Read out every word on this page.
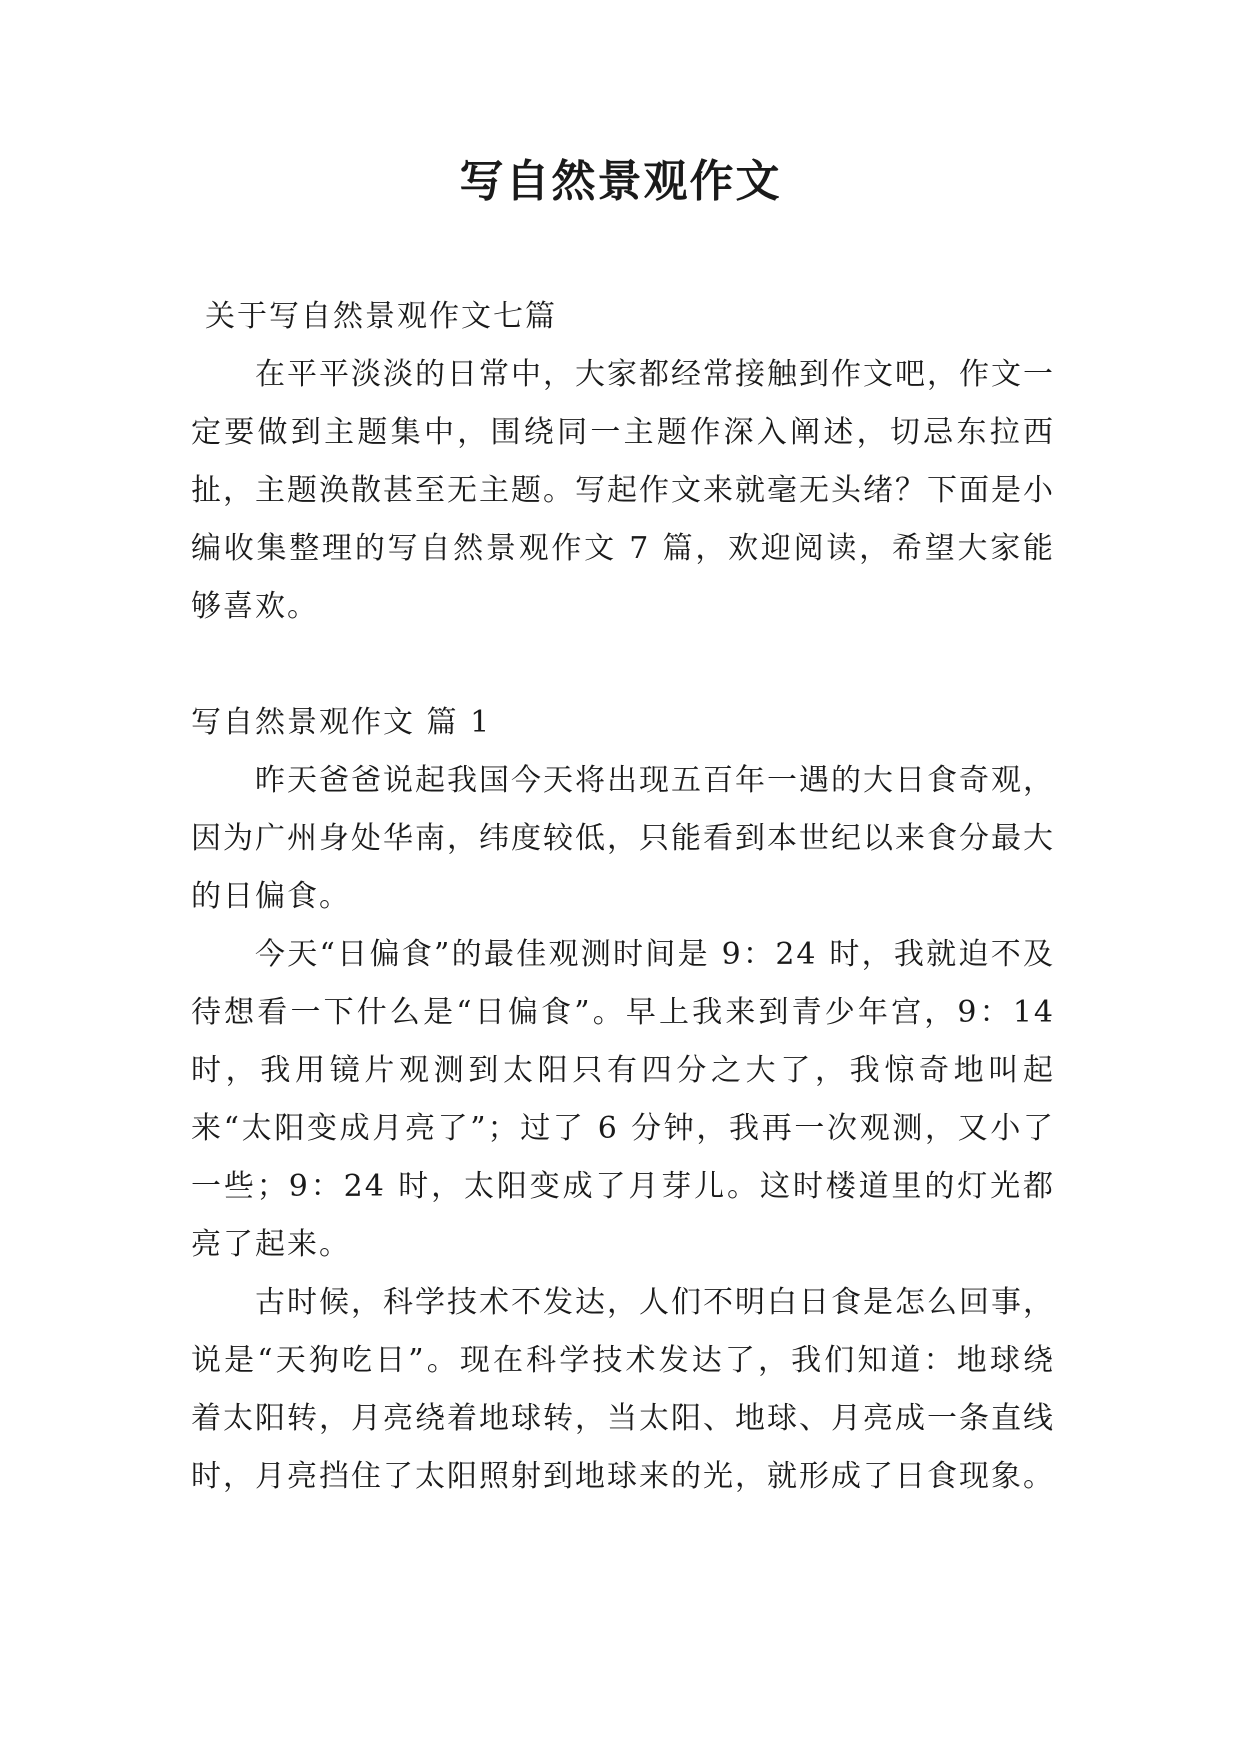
写自然景观作文

关于写自然景观作文七篇

在平平淡淡的日常中，大家都经常接触到作文吧，作文一定要做到主题集中，围绕同一主题作深入阐述，切忌东拉西扯，主题涣散甚至无主题。写起作文来就毫无头绪？下面是小编收集整理的写自然景观作文 7 篇，欢迎阅读，希望大家能够喜欢。

写自然景观作文 篇 1

昨天爸爸说起我国今天将出现五百年一遇的大日食奇观，因为广州身处华南，纬度较低，只能看到本世纪以来食分最大的日偏食。

今天“日偏食”的最佳观测时间是 9：24 时，我就迫不及待想看一下什么是“日偏食”。早上我来到青少年宫，9：14 时，我用镜片观测到太阳只有四分之大了，我惊奇地叫起来“太阳变成月亮了”；过了 6 分钟，我再一次观测，又小了一些；9：24 时，太阳变成了月芽儿。这时楼道里的灯光都亮了起来。

古时候，科学技术不发达，人们不明白日食是怎么回事，说是“天狗吃日”。现在科学技术发达了，我们知道：地球绕着太阳转，月亮绕着地球转，当太阳、地球、月亮成一条直线时，月亮挡住了太阳照射到地球来的光，就形成了日食现象。
